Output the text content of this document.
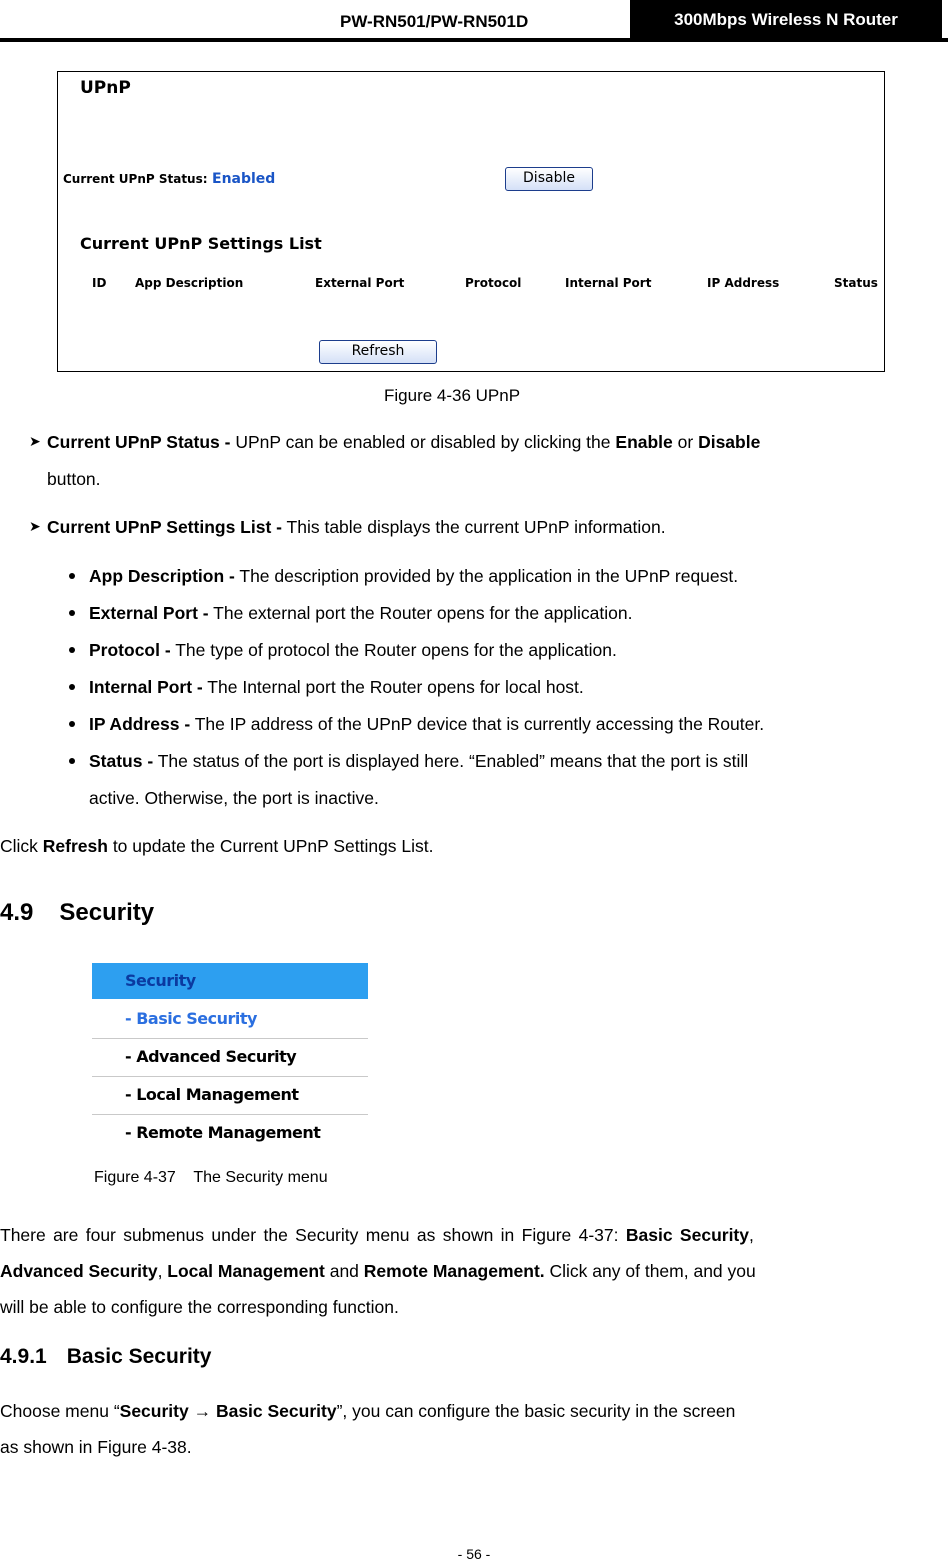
PW-RN501/PW-RN501D	300Mbps Wireless N Router
UPnP
Current UPnP Status: Enabled	Disable
Current UPnP Settings List
ID App Description	External Port	Protocol	Internal Port	IP Address	Status
Refresh
Figure 4-36 UPnP
➤ Current UPnP Status - UPnP can be enabled or disabled by clicking the Enable or Disable
button.
➤ Current UPnP Settings List - This table displays the current UPnP information.
App Description - The description provided by the application in the UPnP request.
External Port - The external port the Router opens for the application.
Protocol - The type of protocol the Router opens for the application.
Internal Port - The Internal port the Router opens for local host.
IP Address - The IP address of the UPnP device that is currently accessing the Router.
Status - The status of the port is displayed here. “Enabled” means that the port is still
active. Otherwise, the port is inactive.
Click Refresh to update the Current UPnP Settings List.
4.9 Security
Security
- Basic Security
- Advanced Security
- Local Management
- Remote Management
Figure 4-37    The Security menu
There are four submenus under the Security menu as shown in Figure 4-37: Basic Security,
Advanced Security, Local Management and Remote Management. Click any of them, and you
will be able to configure the corresponding function.
4.9.1 Basic Security
Choose menu “Security → Basic Security”, you can configure the basic security in the screen
as shown in Figure 4-38.
- 56 -
